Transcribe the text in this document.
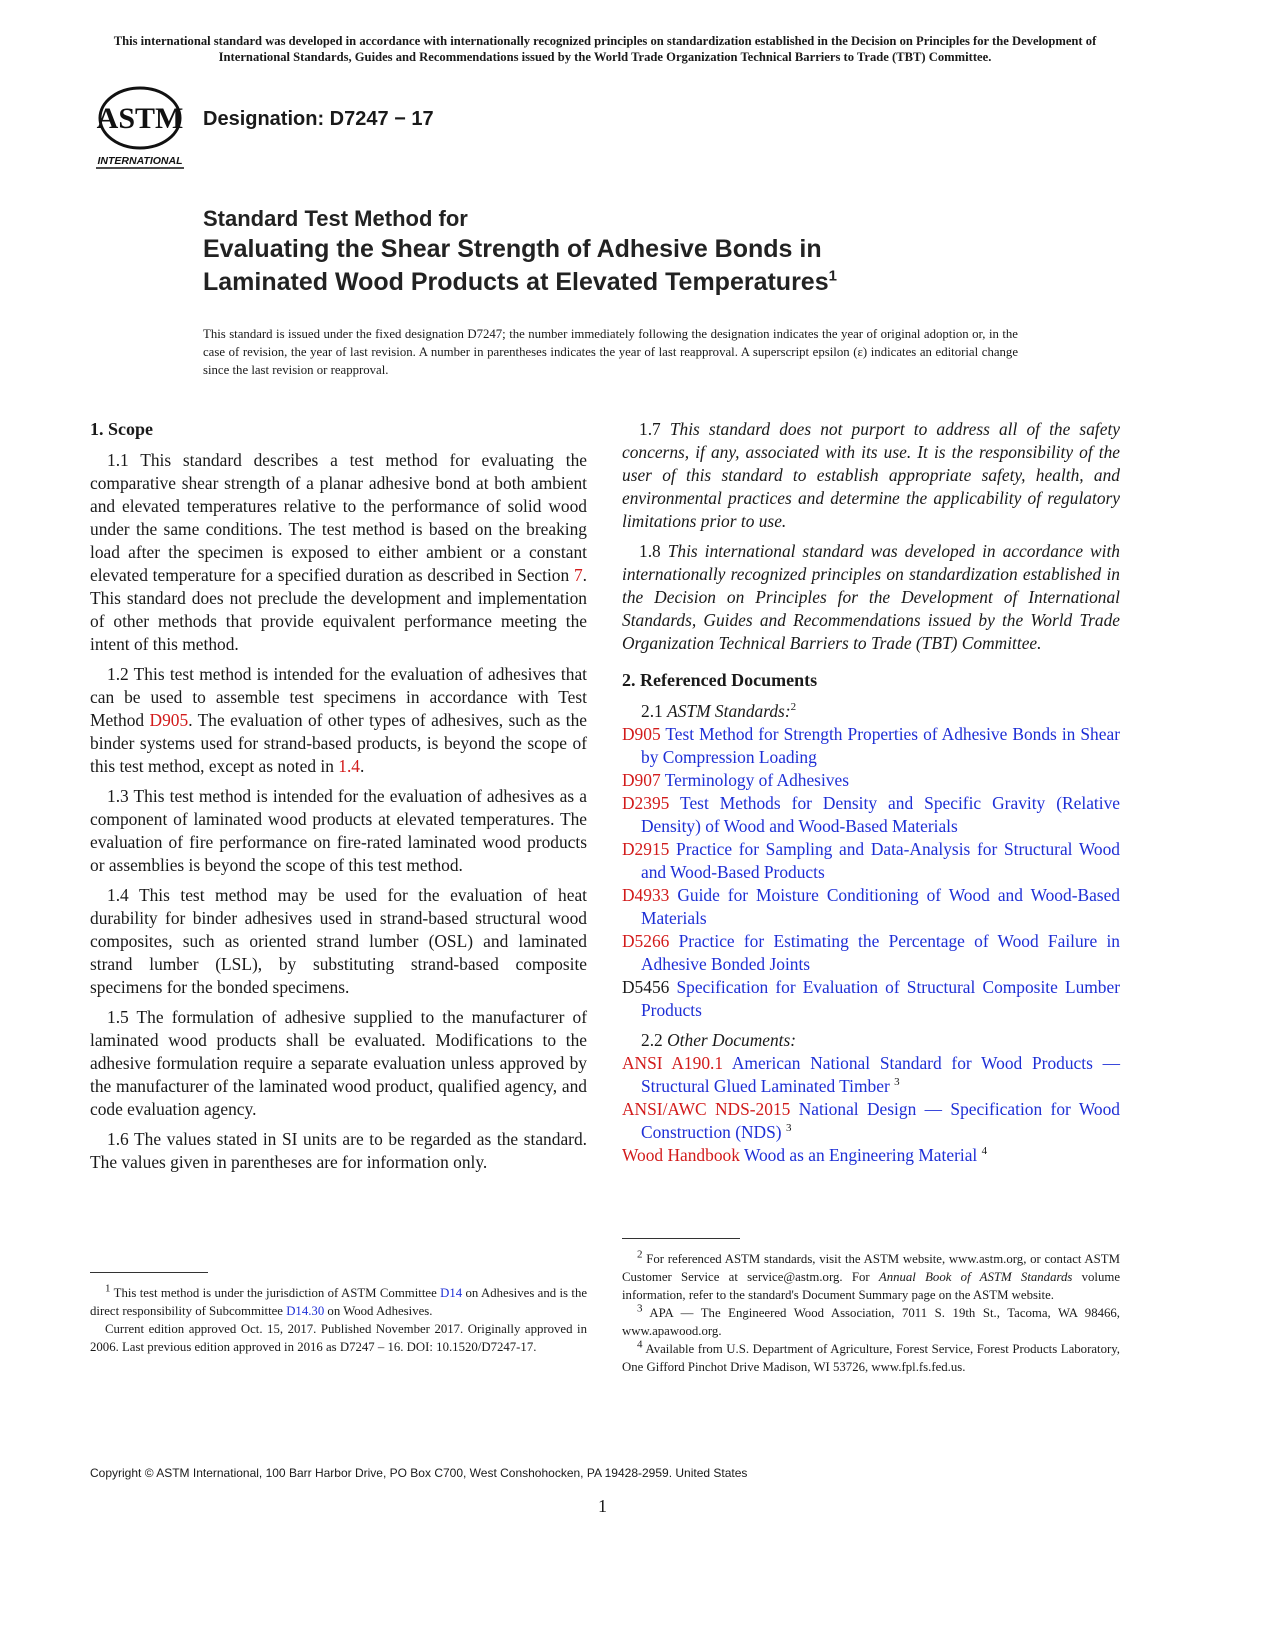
This international standard was developed in accordance with internationally recognized principles on standardization established in the Decision on Principles for the Development of International Standards, Guides and Recommendations issued by the World Trade Organization Technical Barriers to Trade (TBT) Committee.
ASTM
INTERNATIONAL
Designation: D7247 − 17
Standard Test Method for
Evaluating the Shear Strength of Adhesive Bonds in
Laminated Wood Products at Elevated Temperatures$^1$
This standard is issued under the fixed designation D7247; the number immediately following the designation indicates the year of original adoption or, in the case of revision, the year of last revision. A number in parentheses indicates the year of last reapproval. A superscript epsilon (ε) indicates an editorial change since the last revision or reapproval.
1. Scope

1.1 This standard describes a test method for evaluating the comparative shear strength of a planar adhesive bond at both ambient and elevated temperatures relative to the performance of solid wood under the same conditions. The test method is based on the breaking load after the specimen is exposed to either ambient or a constant elevated temperature for a specified duration as described in Section 7. This standard does not preclude the development and implementation of other methods that provide equivalent performance meeting the intent of this method.

1.2 This test method is intended for the evaluation of adhesives that can be used to assemble test specimens in accordance with Test Method D905. The evaluation of other types of adhesives, such as the binder systems used for strand-based products, is beyond the scope of this test method, except as noted in 1.4.

1.3 This test method is intended for the evaluation of adhesives as a component of laminated wood products at elevated temperatures. The evaluation of fire performance on fire-rated laminated wood products or assemblies is beyond the scope of this test method.

1.4 This test method may be used for the evaluation of heat durability for binder adhesives used in strand-based structural wood composites, such as oriented strand lumber (OSL) and laminated strand lumber (LSL), by substituting strand-based composite specimens for the bonded specimens.

1.5 The formulation of adhesive supplied to the manufacturer of laminated wood products shall be evaluated. Modifications to the adhesive formulation require a separate evaluation unless approved by the manufacturer of the laminated wood product, qualified agency, and code evaluation agency.

1.6 The values stated in SI units are to be regarded as the standard. The values given in parentheses are for information only.

$^1$ This test method is under the jurisdiction of ASTM Committee D14 on Adhesives and is the direct responsibility of Subcommittee D14.30 on Wood Adhesives.

Current edition approved Oct. 15, 2017. Published November 2017. Originally approved in 2006. Last previous edition approved in 2016 as D7247 – 16. DOI: 10.1520/D7247-17.

1.7 This standard does not purport to address all of the safety concerns, if any, associated with its use. It is the responsibility of the user of this standard to establish appropriate safety, health, and environmental practices and determine the applicability of regulatory limitations prior to use.

1.8 This international standard was developed in accordance with internationally recognized principles on standardization established in the Decision on Principles for the Development of International Standards, Guides and Recommendations issued by the World Trade Organization Technical Barriers to Trade (TBT) Committee.

2. Referenced Documents
2.1 ASTM Standards:$^2$
D905 Test Method for Strength Properties of Adhesive Bonds in Shear by Compression Loading
D907 Terminology of Adhesives
D2395 Test Methods for Density and Specific Gravity (Relative Density) of Wood and Wood-Based Materials
D2915 Practice for Sampling and Data-Analysis for Structural Wood and Wood-Based Products
D4933 Guide for Moisture Conditioning of Wood and Wood-Based Materials
D5266 Practice for Estimating the Percentage of Wood Failure in Adhesive Bonded Joints
D5456 Specification for Evaluation of Structural Composite Lumber Products
2.2 Other Documents:
ANSI A190.1 American National Standard for Wood Products — Structural Glued Laminated Timber $^3$
ANSI/AWC NDS-2015 National Design — Specification for Wood Construction (NDS) $^3$
Wood Handbook Wood as an Engineering Material $^4$

$^2$ For referenced ASTM standards, visit the ASTM website, www.astm.org, or contact ASTM Customer Service at service@astm.org. For Annual Book of ASTM Standards volume information, refer to the standard's Document Summary page on the ASTM website.

$^3$ APA — The Engineered Wood Association, 7011 S. 19th St., Tacoma, WA 98466, www.apawood.org.

$^4$ Available from U.S. Department of Agriculture, Forest Service, Forest Products Laboratory, One Gifford Pinchot Drive Madison, WI 53726, www.fpl.fs.fed.us.

Copyright © ASTM International, 100 Barr Harbor Drive, PO Box C700, West Conshohocken, PA 19428-2959. United States
1
